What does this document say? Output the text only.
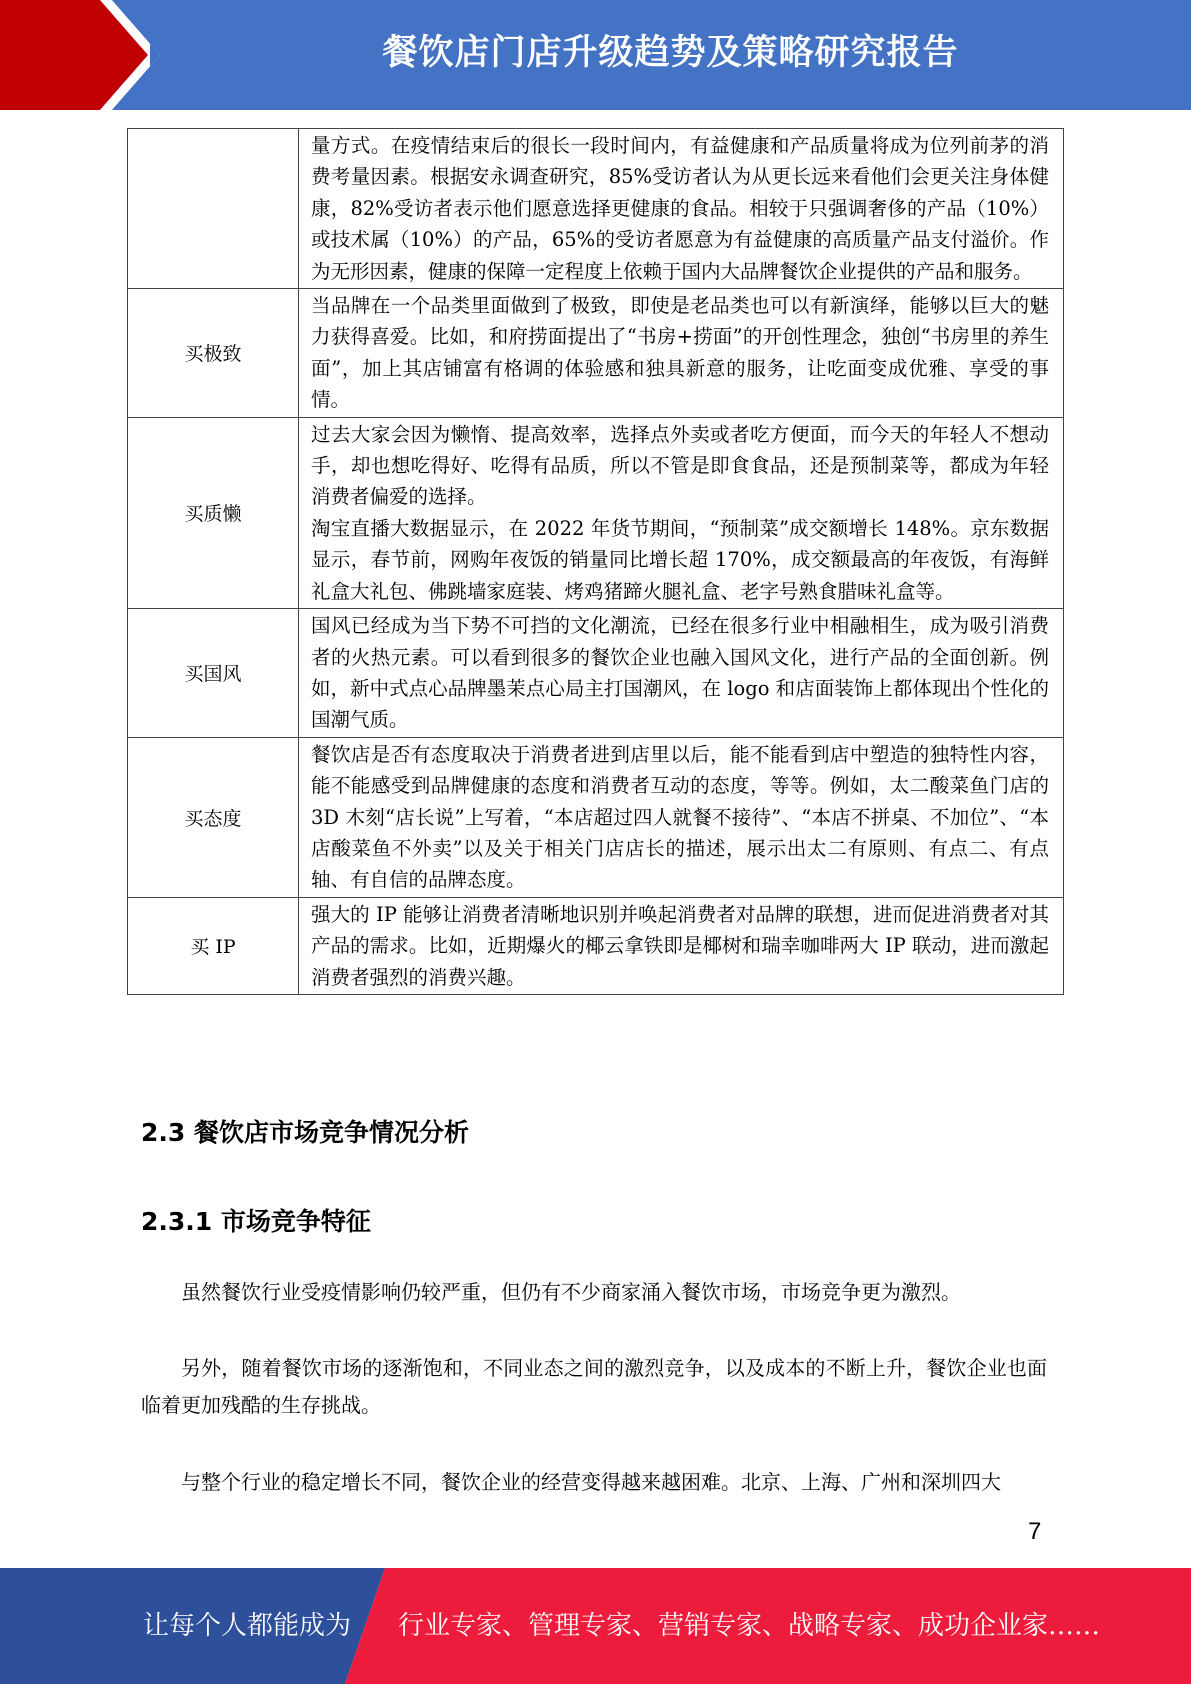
餐饮店门店升级趋势及策略研究报告

	量方式。在疫情结束后的很长一段时间内，有益健康和产品质量将成为位列前茅的消费考量因素。根据安永调查研究，85%受访者认为从更长远来看他们会更关注身体健康，82%受访者表示他们愿意选择更健康的食品。相较于只强调奢侈的产品（10%）或技术属（10%）的产品，65%的受访者愿意为有益健康的高质量产品支付溢价。作为无形因素，健康的保障一定程度上依赖于国内大品牌餐饮企业提供的产品和服务。

买极致	当品牌在一个品类里面做到了极致，即使是老品类也可以有新演绎，能够以巨大的魅力获得喜爱。比如，和府捞面提出了“书房+捞面”的开创性理念，独创“书房里的养生面”，加上其店铺富有格调的体验感和独具新意的服务，让吃面变成优雅、享受的事情。

买质懒	过去大家会因为懒惰、提高效率，选择点外卖或者吃方便面，而今天的年轻人不想动手，却也想吃得好、吃得有品质，所以不管是即食食品，还是预制菜等，都成为年轻消费者偏爱的选择。

淘宝直播大数据显示，在 2022 年货节期间，“预制菜”成交额增长 148%。京东数据显示，春节前，网购年夜饭的销量同比增长超 170%，成交额最高的年夜饭，有海鲜礼盒大礼包、佛跳墙家庭装、烤鸡猪蹄火腿礼盒、老字号熟食腊味礼盒等。

买国风	国风已经成为当下势不可挡的文化潮流，已经在很多行业中相融相生，成为吸引消费者的火热元素。可以看到很多的餐饮企业也融入国风文化，进行产品的全面创新。例如，新中式点心品牌墨茉点心局主打国潮风，在 logo 和店面装饰上都体现出个性化的国潮气质。

买态度	餐饮店是否有态度取决于消费者进到店里以后，能不能看到店中塑造的独特性内容，能不能感受到品牌健康的态度和消费者互动的态度，等等。例如，太二酸菜鱼门店的 3D 木刻“店长说”上写着，“本店超过四人就餐不接待”、“本店不拼桌、不加位”、“本店酸菜鱼不外卖”以及关于相关门店店长的描述，展示出太二有原则、有点二、有点轴、有自信的品牌态度。

买 IP	强大的 IP 能够让消费者清晰地识别并唤起消费者对品牌的联想，进而促进消费者对其产品的需求。比如，近期爆火的椰云拿铁即是椰树和瑞幸咖啡两大 IP 联动，进而激起消费者强烈的消费兴趣。

2.3 餐饮店市场竞争情况分析
2.3.1 市场竞争特征

虽然餐饮行业受疫情影响仍较严重，但仍有不少商家涌入餐饮市场，市场竞争更为激烈。

另外，随着餐饮市场的逐渐饱和，不同业态之间的激烈竞争，以及成本的不断上升，餐饮企业也面临着更加残酷的生存挑战。

与整个行业的稳定增长不同，餐饮企业的经营变得越来越困难。北京、上海、广州和深圳四大

7
让每个人都能成为 行业专家、管理专家、营销专家、战略专家、成功企业家……
